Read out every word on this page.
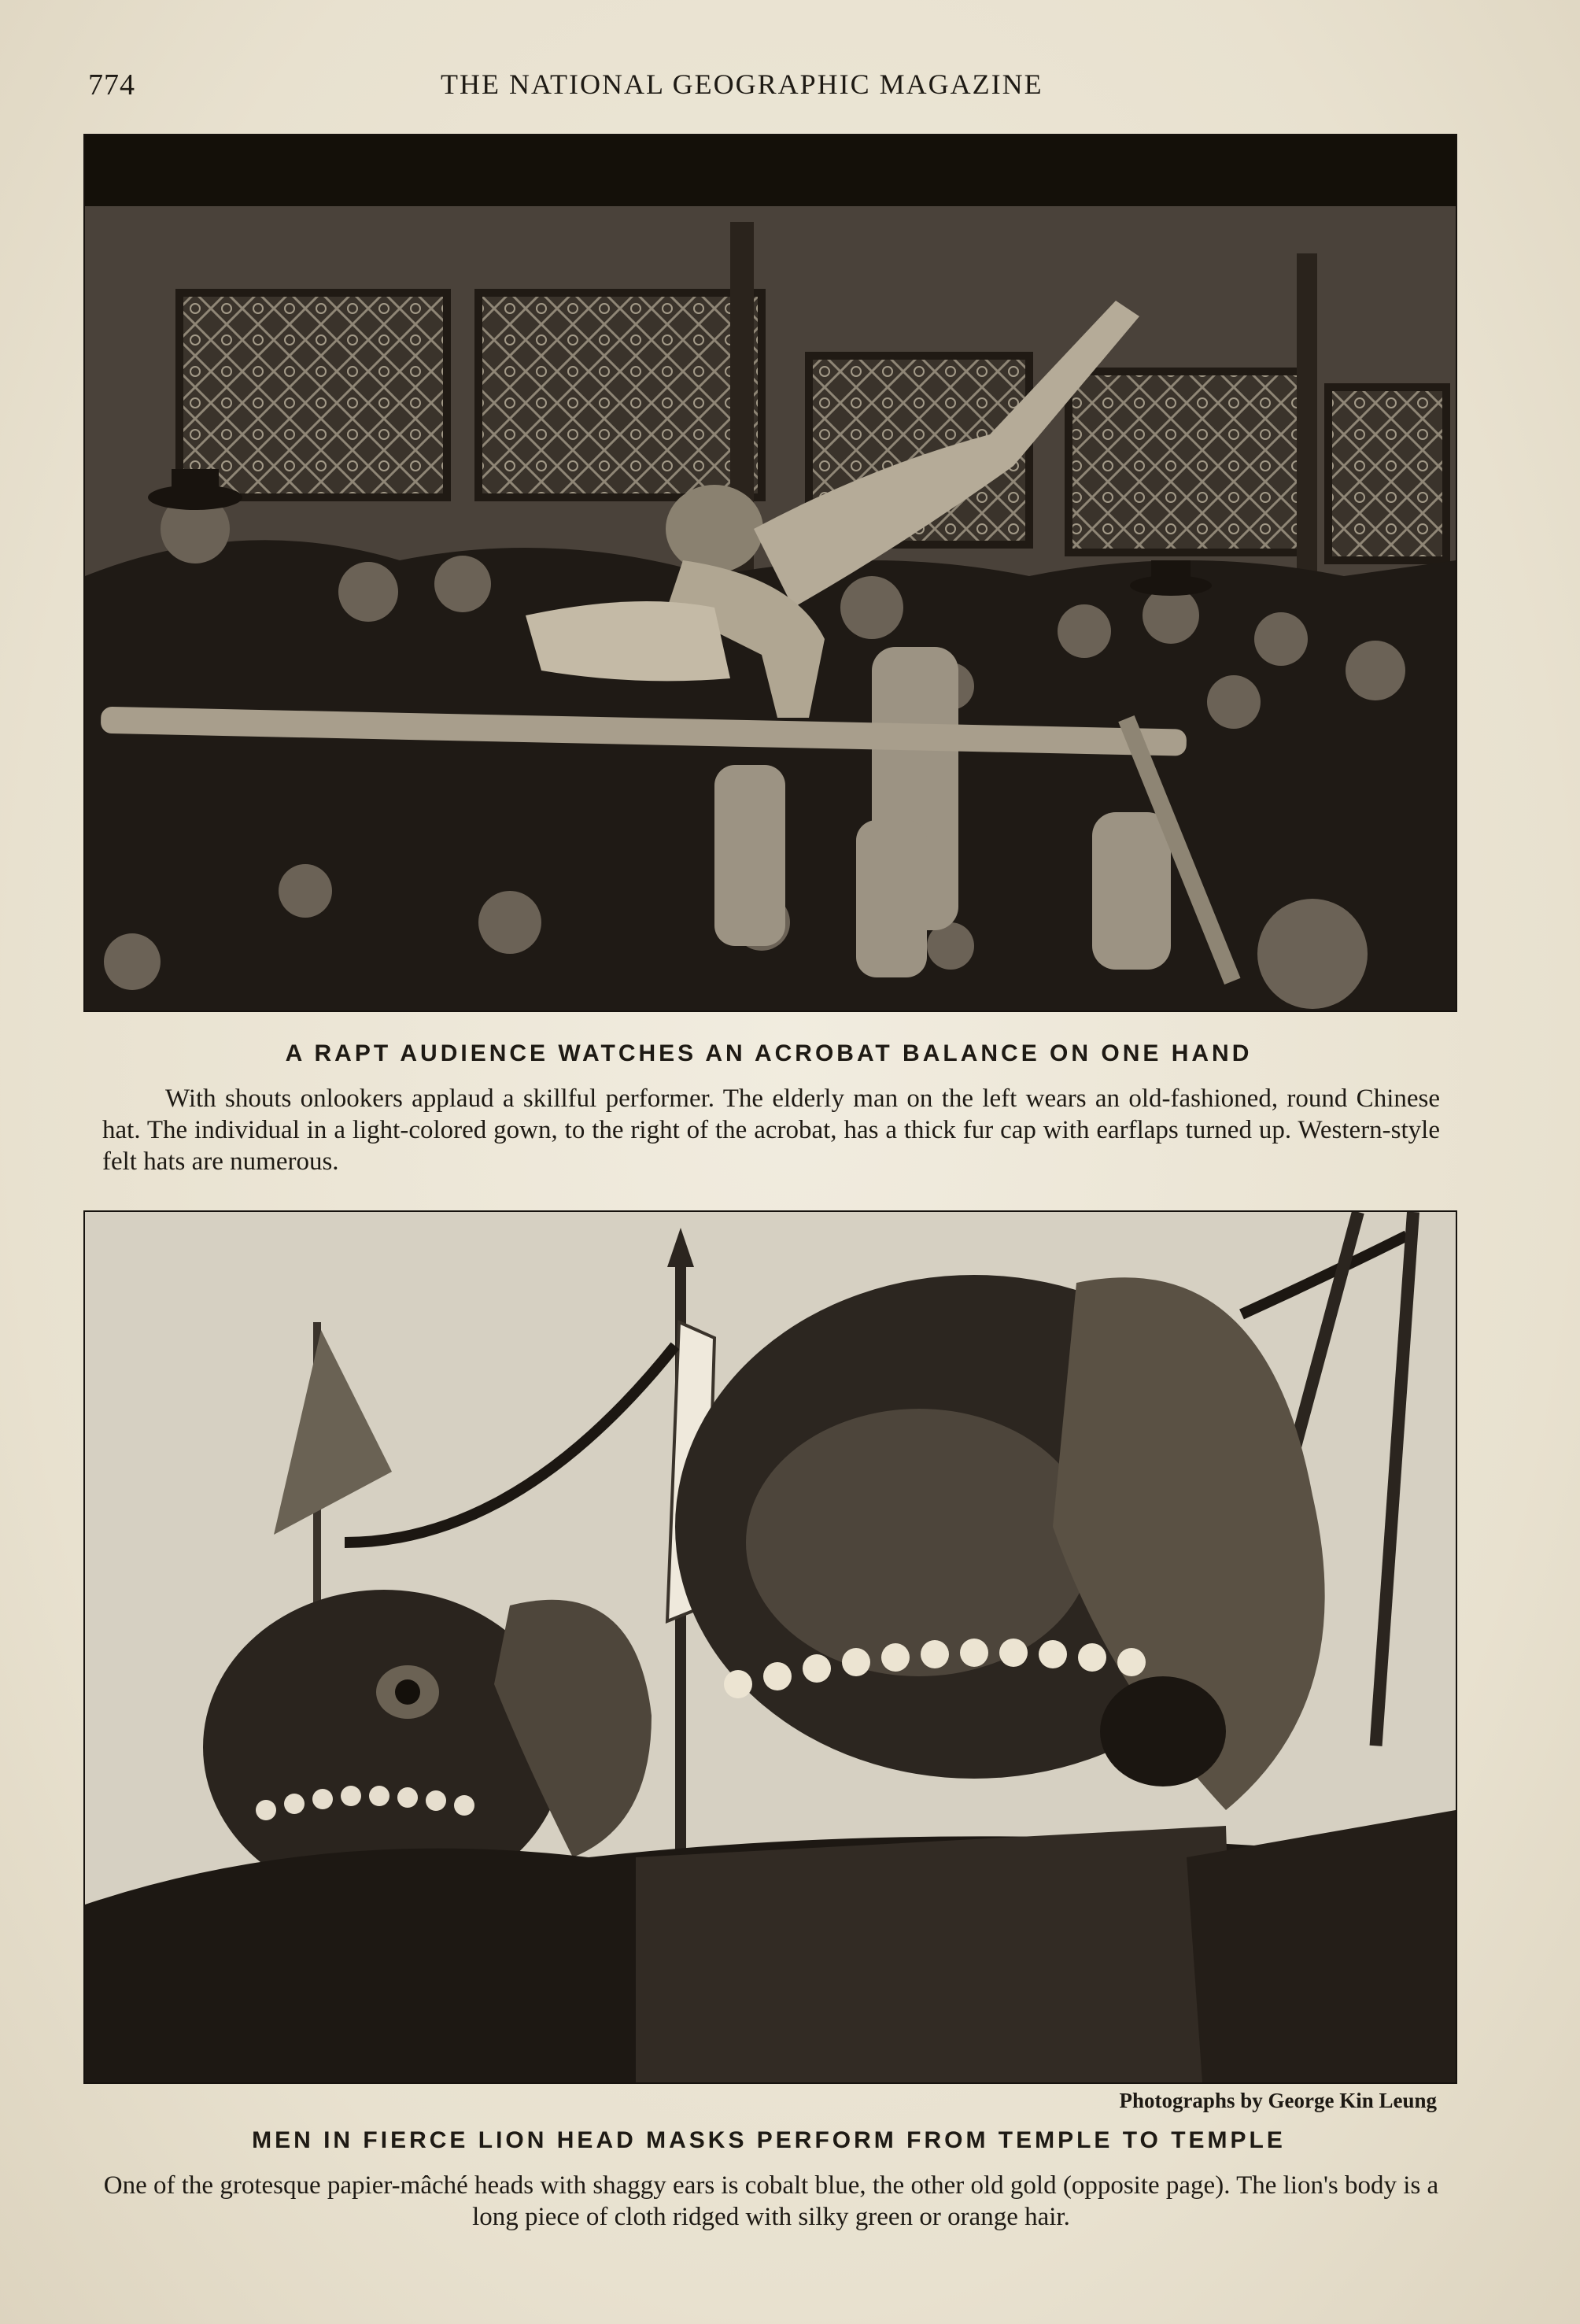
774	THE NATIONAL GEOGRAPHIC MAGAZINE
A RAPT AUDIENCE WATCHES AN ACROBAT BALANCE ON ONE HAND
With shouts onlookers applaud a skillful performer. The elderly man on the left wears an old-fashioned, round Chinese hat. The individual in a light-colored gown, to the right of the acrobat, has a thick fur cap with earflaps turned up. Western-style felt hats are numerous.
Photographs by George Kin Leung
MEN IN FIERCE LION HEAD MASKS PERFORM FROM TEMPLE TO TEMPLE
One of the grotesque papier-mâché heads with shaggy ears is cobalt blue, the other old gold (opposite page). The lion's body is a long piece of cloth ridged with silky green or orange hair.
